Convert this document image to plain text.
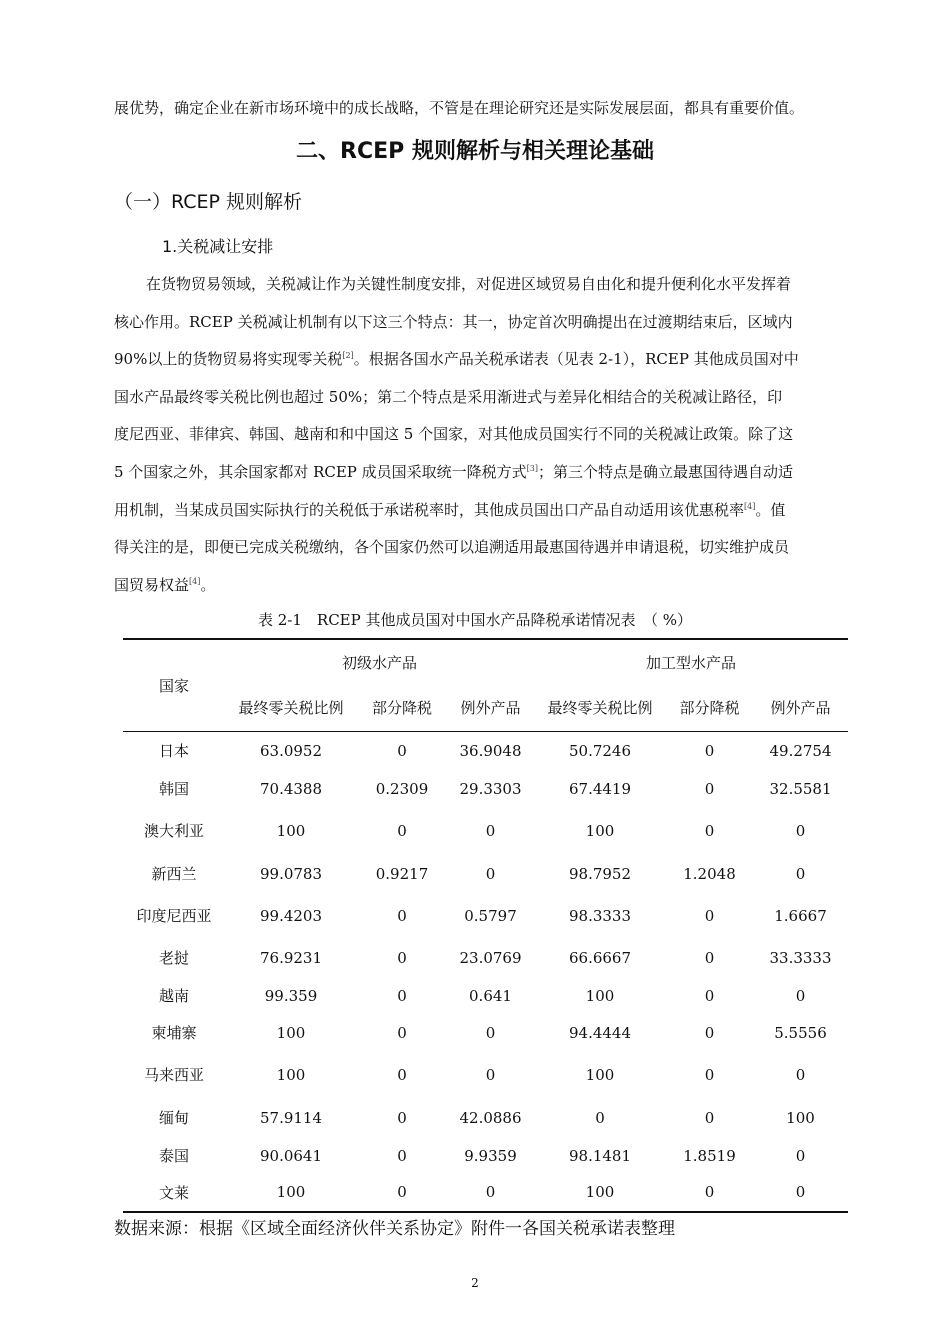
展优势，确定企业在新市场环境中的成长战略，不管是在理论研究还是实际发展层面，都具有重要价值。
二、RCEP 规则解析与相关理论基础
（一）RCEP 规则解析
1.关税减让安排
在货物贸易领域，关税减让作为关键性制度安排，对促进区域贸易自由化和提升便利化水平发挥着
核心作用。RCEP 关税减让机制有以下这三个特点：其一，协定首次明确提出在过渡期结束后，区域内
90%以上的货物贸易将实现零关税[2]。根据各国水产品关税承诺表（见表 2-1），RCEP 其他成员国对中
国水产品最终零关税比例也超过 50%；第二个特点是采用渐进式与差异化相结合的关税减让路径，印
度尼西亚、菲律宾、韩国、越南和和中国这 5 个国家，对其他成员国实行不同的关税减让政策。除了这
5 个国家之外，其余国家都对 RCEP 成员国采取统一降税方式[3]；第三个特点是确立最惠国待遇自动适
用机制，当某成员国实际执行的关税低于承诺税率时，其他成员国出口产品自动适用该优惠税率[4]。值
得关注的是，即便已完成关税缴纳，各个国家仍然可以追溯适用最惠国待遇并申请退税，切实维护成员
国贸易权益[4]。
表 2-1　RCEP 其他成员国对中国水产品降税承诺情况表　（ %）
国家	初级水产品			加工型水产品		
	最终零关税比例	部分降税	例外产品	最终零关税比例	部分降税	例外产品
日本	63.0952	0	36.9048	50.7246	0	49.2754
韩国	70.4388	0.2309	29.3303	67.4419	0	32.5581
澳大利亚	100	0	0	100	0	0
新西兰	99.0783	0.9217	0	98.7952	1.2048	0
印度尼西亚	99.4203	0	0.5797	98.3333	0	1.6667
老挝	76.9231	0	23.0769	66.6667	0	33.3333
越南	99.359	0	0.641	100	0	0
柬埔寨	100	0	0	94.4444	0	5.5556
马来西亚	100	0	0	100	0	0
缅甸	57.9114	0	42.0886	0	0	100
泰国	90.0641	0	9.9359	98.1481	1.8519	0
文莱	100	0	0	100	0	0
数据来源：根据《区域全面经济伙伴关系协定》附件一各国关税承诺表整理
2
